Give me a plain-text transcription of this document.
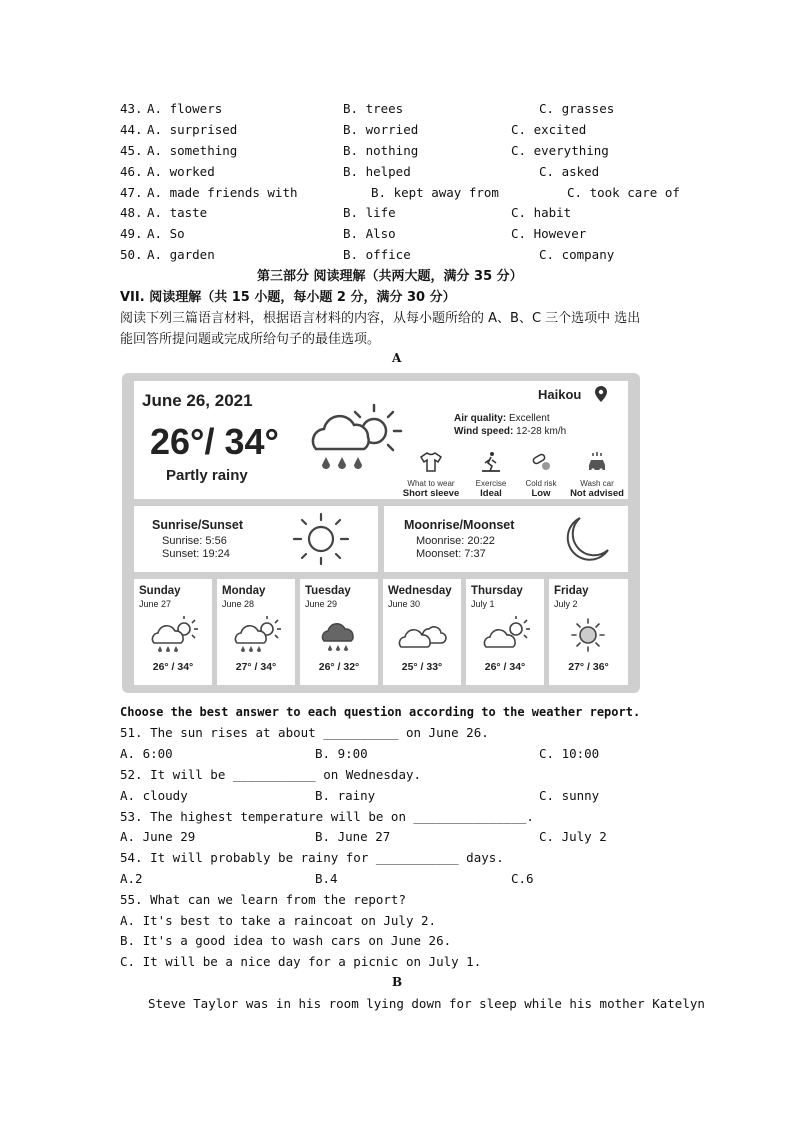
43. A. flowers	B. trees	C. grasses
44. A. surprised	B. worried	C. excited
45. A. something	B. nothing	C. everything
46. A. worked	B. helped	C. asked
47. A. made friends with	B. kept away from	C. took care of
48. A. taste	B. life	C. habit
49. A. So	B. Also	C. However
50. A. garden	B. office	C. company
第三部分 阅读理解（共两大题，满分 35 分）
VII. 阅读理解（共 15 小题，每小题 2 分，满分 30 分）
阅读下列三篇语言材料，根据语言材料的内容，从每小题所给的 A、B、C 三个选项中 选出
能回答所提问题或完成所给句子的最佳选项。
A
June 26, 2021
26°/ 34°
Partly rainy
Haikou
Air quality: Excellent
Wind speed: 12-28 km/h
What to wear
Short sleeve
Exercise
Ideal
Cold risk
Low
Wash car
Not advised
Sunrise/Sunset
Sunrise: 5:56
Sunset: 19:24
Moonrise/Moonset
Moonrise: 20:22
Moonset: 7:37
Sunday
June 27
26° / 34°
Monday
June 28
27° / 34°
Tuesday
June 29
26° / 32°
Wednesday
June 30
25° / 33°
Thursday
July 1
26° / 34°
Friday
July 2
27° / 36°
Choose the best answer to each question according to the weather report.
51. The sun rises at about __________ on June 26.
A. 6:00	B. 9:00	C. 10:00
52. It will be ___________ on Wednesday.
A. cloudy	B. rainy	C. sunny
53. The highest temperature will be on _______________.
A. June 29	B. June 27	C. July 2
54. It will probably be rainy for ___________ days.
A.2	B.4	C.6
55. What can we learn from the report?
A. It's best to take a raincoat on July 2.
B. It's a good idea to wash cars on June 26.
C. It will be a nice day for a picnic on July 1.
B
Steve Taylor was in his room lying down for sleep while his mother Katelyn
